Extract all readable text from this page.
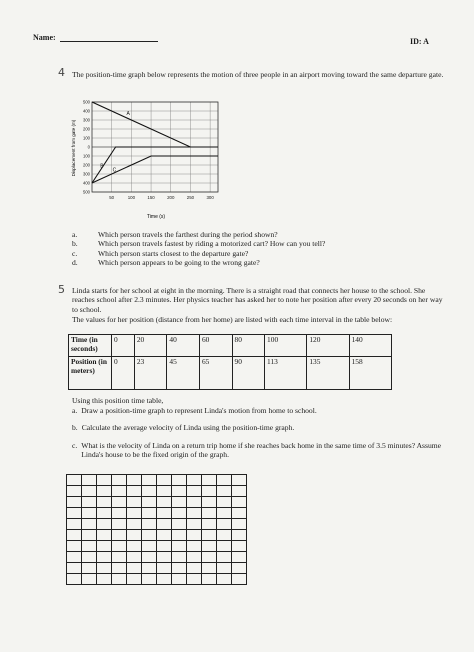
Name:	ID: A
4 The position-time graph below represents the motion of three people in an airport moving toward the same departure gate.
500
400
300
200
100
0
100
200
300
400
500
50	100	150	200	250	300
A
B
C
Time (s)
Displacement from gate (m)
a.	Which person travels the farthest during the period shown?
b.	Which person travels fastest by riding a motorized cart? How can you tell?
c.	Which person starts closest to the departure gate?
d.	Which person appears to be going to the wrong gate?
5 Linda starts for her school at eight in the morning. There is a straight road that connects her house to the school. She reaches school after 2.3 minutes. Her physics teacher has asked her to note her position after every 20 seconds on her way to school.
The values for her position (distance from her home) are listed with each time interval in the table below:
Time (in seconds)	0	20	40	60	80	100	120	140
Position (in meters)	0	23	45	65	90	113	135	158
Using this position time table,
a. Draw a position-time graph to represent Linda's motion from home to school.
b. Calculate the average velocity of Linda using the position-time graph.
c. What is the velocity of Linda on a return trip home if she reaches back home in the same time of 3.5 minutes? Assume Linda's house to be the fixed origin of the graph.
